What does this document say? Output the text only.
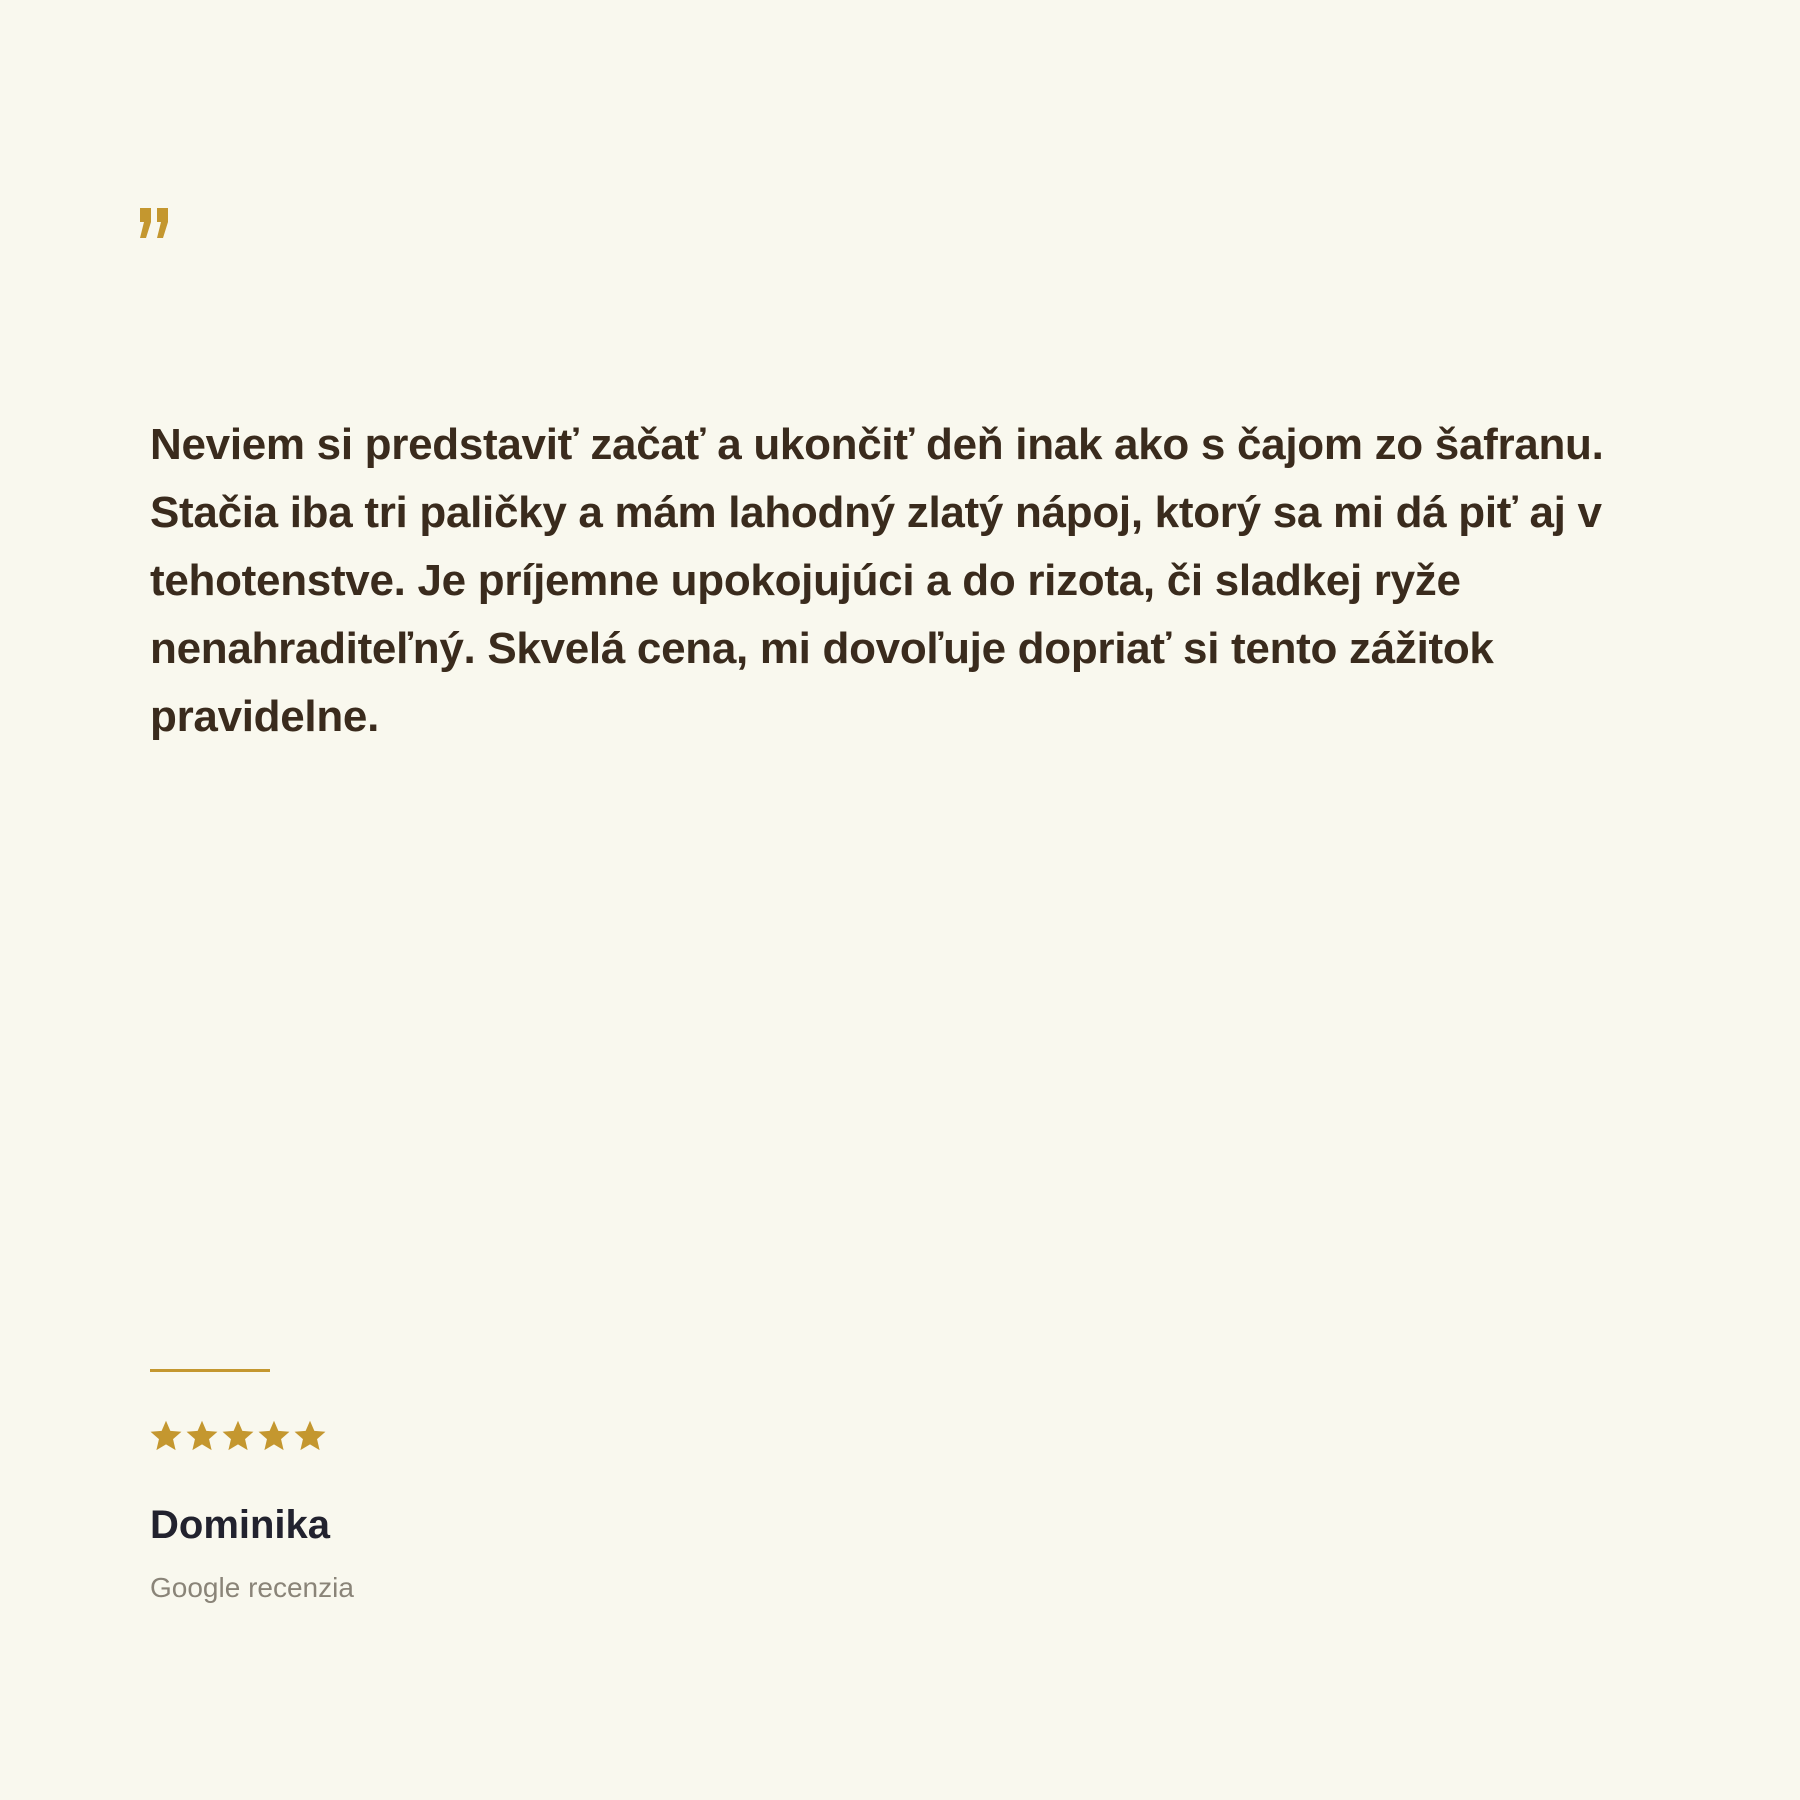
Neviem si predstaviť začať a ukončiť deň inak ako s čajom zo šafranu. Stačia iba tri paličky a mám lahodný zlatý nápoj, ktorý sa mi dá piť aj v tehotenstve. Je príjemne upokojujúci a do rizota, či sladkej ryže nenahraditeľný. Skvelá cena, mi dovoľuje dopriať si tento zážitok pravidelne.

Dominika

Google recenzia
